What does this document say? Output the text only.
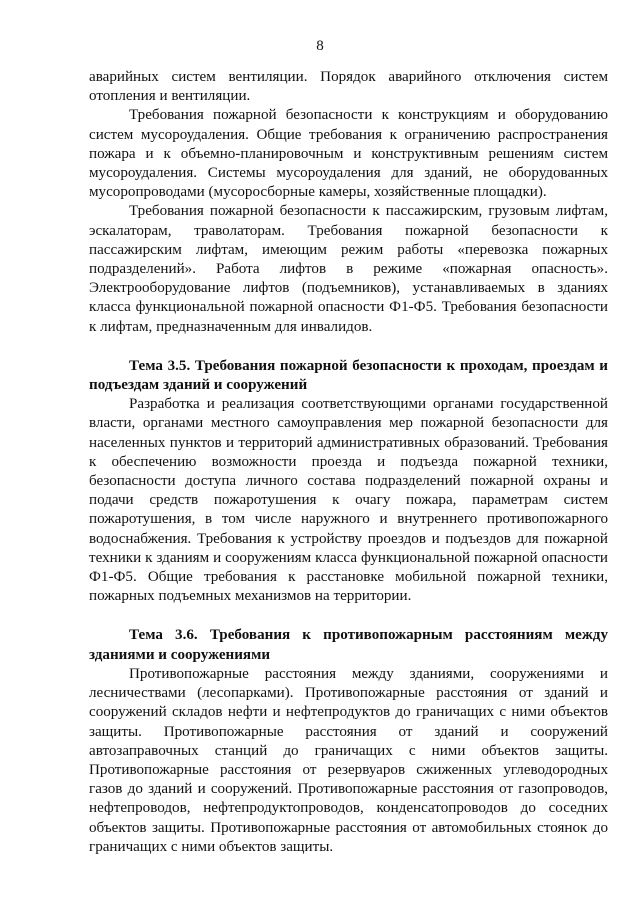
8

аварийных систем вентиляции. Порядок аварийного отключения систем отопления и вентиляции.

Требования пожарной безопасности к конструкциям и оборудованию систем мусороудаления. Общие требования к ограничению распространения пожара и к объемно-планировочным и конструктивным решениям систем мусороудаления. Системы мусороудаления для зданий, не оборудованных мусоропроводами (мусоросборные камеры, хозяйственные площадки).

Требования пожарной безопасности к пассажирским, грузовым лифтам, эскалаторам, траволаторам. Требования пожарной безопасности к пассажирским лифтам, имеющим режим работы «перевозка пожарных подразделений». Работа лифтов в режиме «пожарная опасность». Электрооборудование лифтов (подъемников), устанавливаемых в зданиях класса функциональной пожарной опасности Ф1-Ф5. Требования безопасности к лифтам, предназначенным для инвалидов.

Тема 3.5. Требования пожарной безопасности к проходам, проездам и подъездам зданий и сооружений

Разработка и реализация соответствующими органами государственной власти, органами местного самоуправления мер пожарной безопасности для населенных пунктов и территорий административных образований. Требования к обеспечению возможности проезда и подъезда пожарной техники, безопасности доступа личного состава подразделений пожарной охраны и подачи средств пожаротушения к очагу пожара, параметрам систем пожаротушения, в том числе наружного и внутреннего противопожарного водоснабжения. Требования к устройству проездов и подъездов для пожарной техники к зданиям и сооружениям класса функциональной пожарной опасности Ф1-Ф5. Общие требования к расстановке мобильной пожарной техники, пожарных подъемных механизмов на территории.

Тема 3.6. Требования к противопожарным расстояниям между зданиями и сооружениями

Противопожарные расстояния между зданиями, сооружениями и лесничествами (лесопарками). Противопожарные расстояния от зданий и сооружений складов нефти и нефтепродуктов до граничащих с ними объектов защиты. Противопожарные расстояния от зданий и сооружений автозаправочных станций до граничащих с ними объектов защиты. Противопожарные расстояния от резервуаров сжиженных углеводородных газов до зданий и сооружений. Противопожарные расстояния от газопроводов, нефтепроводов, нефтепродуктопроводов, конденсатопроводов до соседних объектов защиты. Противопожарные расстояния от автомобильных стоянок до граничащих с ними объектов защиты.
